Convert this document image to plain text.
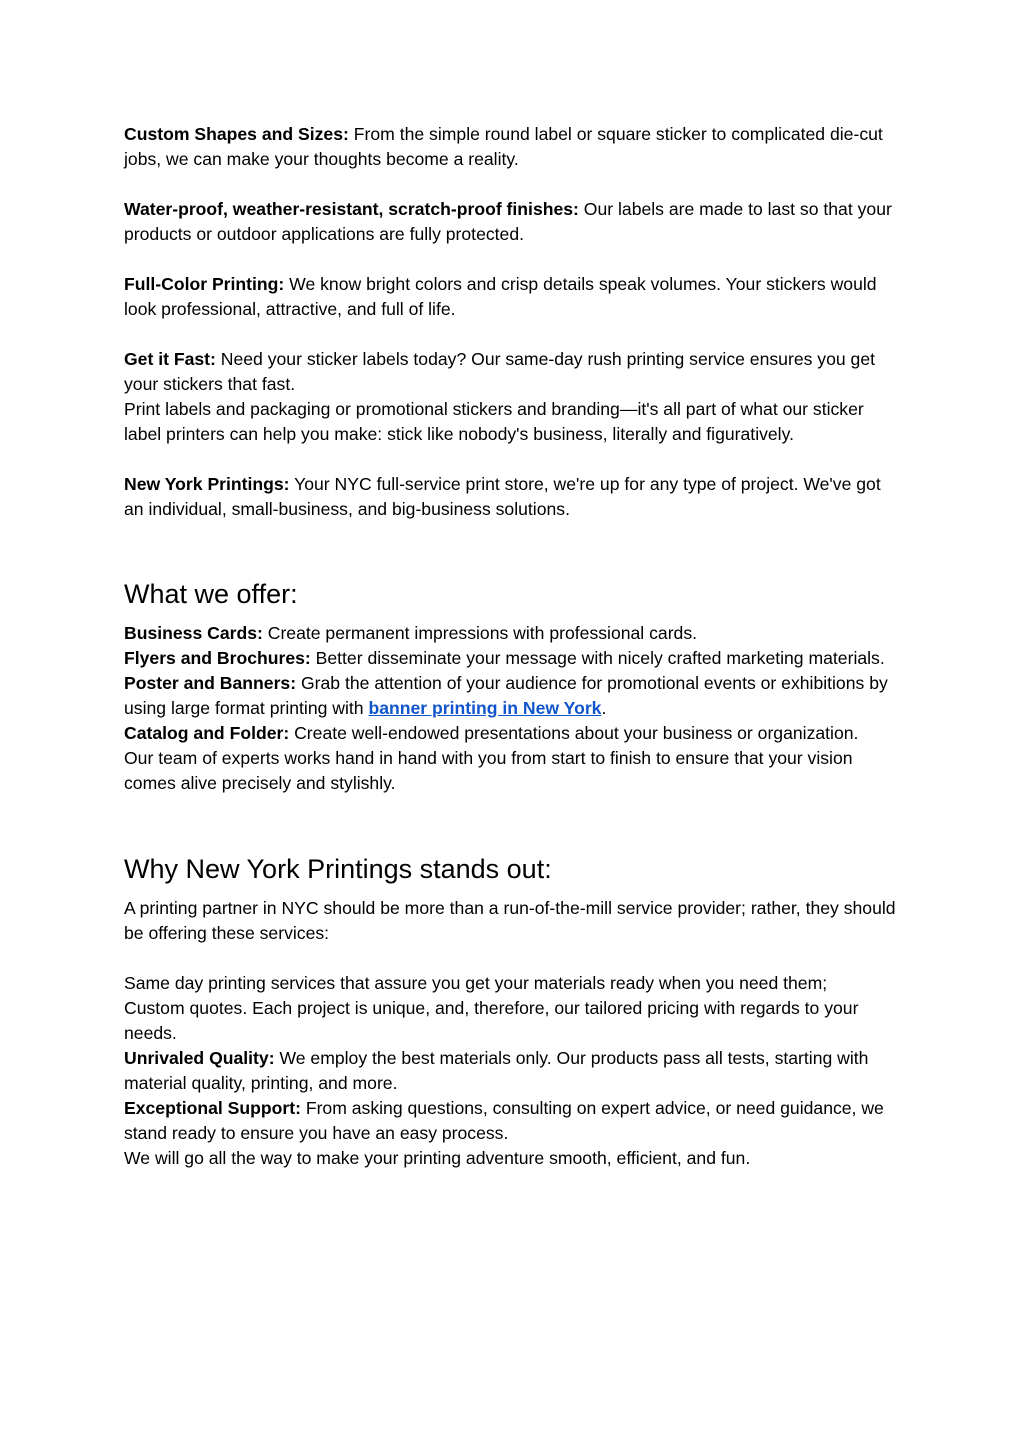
Custom Shapes and Sizes: From the simple round label or square sticker to complicated die-cut jobs, we can make your thoughts become a reality.

Water-proof, weather-resistant, scratch-proof finishes: Our labels are made to last so that your products or outdoor applications are fully protected.

Full-Color Printing: We know bright colors and crisp details speak volumes. Your stickers would look professional, attractive, and full of life.

Get it Fast: Need your sticker labels today? Our same-day rush printing service ensures you get your stickers that fast.

Print labels and packaging or promotional stickers and branding—it's all part of what our sticker label printers can help you make: stick like nobody's business, literally and figuratively.

New York Printings: Your NYC full-service print store, we're up for any type of project. We've got an individual, small-business, and big-business solutions.

What we offer:

Business Cards: Create permanent impressions with professional cards.

Flyers and Brochures: Better disseminate your message with nicely crafted marketing materials.

Poster and Banners: Grab the attention of your audience for promotional events or exhibitions by using large format printing with banner printing in New York.

Catalog and Folder: Create well-endowed presentations about your business or organization.

Our team of experts works hand in hand with you from start to finish to ensure that your vision comes alive precisely and stylishly.

Why New York Printings stands out:

A printing partner in NYC should be more than a run-of-the-mill service provider; rather, they should be offering these services:

Same day printing services that assure you get your materials ready when you need them;

Custom quotes. Each project is unique, and, therefore, our tailored pricing with regards to your needs.

Unrivaled Quality: We employ the best materials only. Our products pass all tests, starting with material quality, printing, and more.

Exceptional Support: From asking questions, consulting on expert advice, or need guidance, we stand ready to ensure you have an easy process.

We will go all the way to make your printing adventure smooth, efficient, and fun.
